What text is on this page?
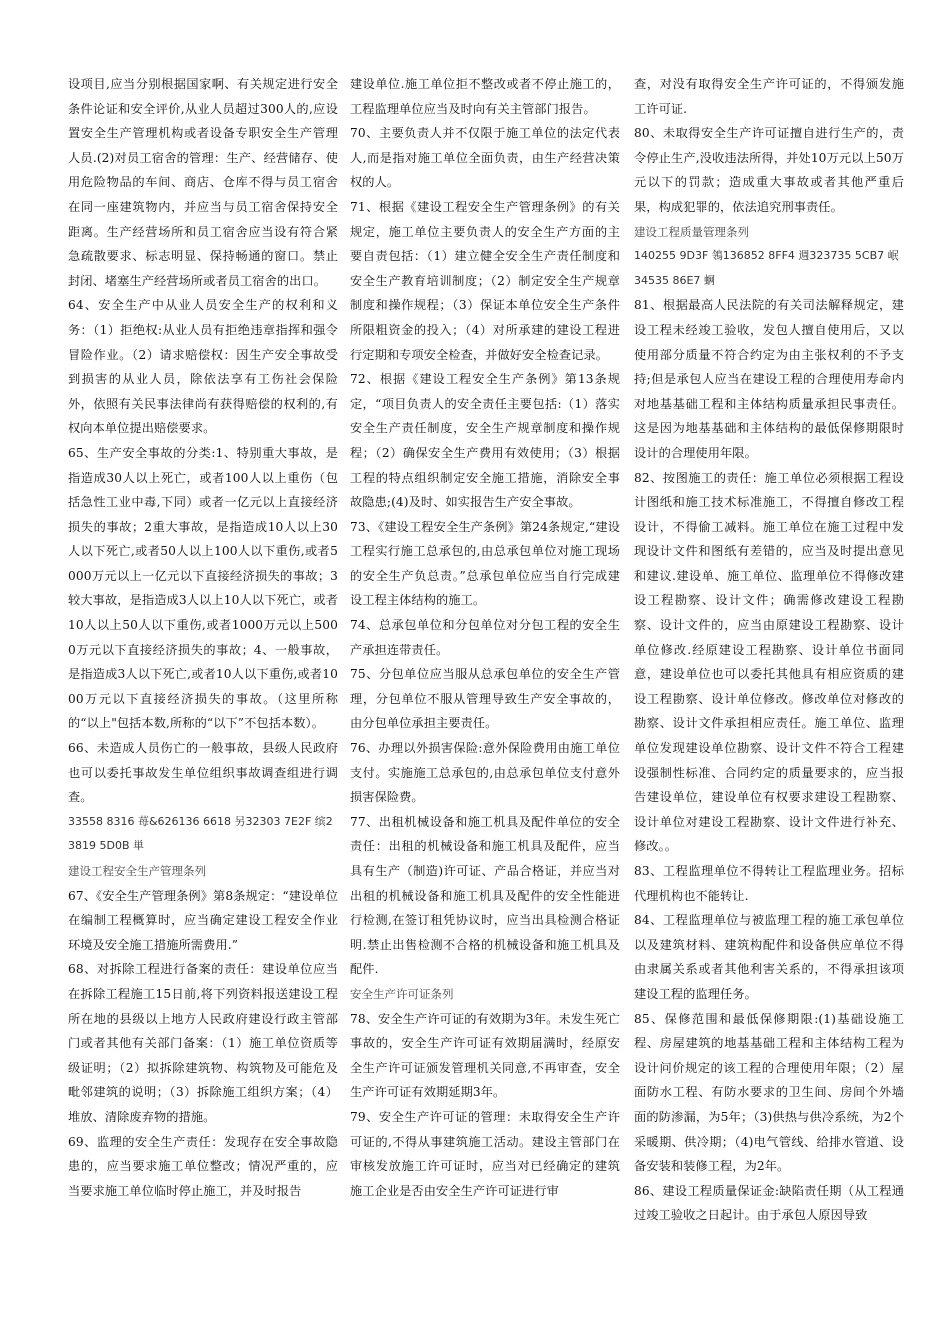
设项目,应当分别根据国家啊、有关规定进行安全条件论证和安全评价,从业人员超过300人的,应设置安全生产管理机构或者设备专职安全生产管理人员.(2)对员工宿舍的管理：生产、经营储存、使用危险物品的车间、商店、仓库不得与员工宿舍在同一座建筑物内，并应当与员工宿舍保持安全距离。生产经营场所和员工宿舍应当设有符合紧急疏散要求、标志明显、保持畅通的窗口。禁止封闭、堵塞生产经营场所或者员工宿舍的出口。

64、安全生产中从业人员安全生产的权利和义务：（1）拒绝权:从业人员有拒绝违章指挥和强令冒险作业。（2）请求赔偿权：因生产安全事故受到损害的从业人员，除依法享有工伤社会保险外，依照有关民事法律尚有获得赔偿的权利的,有权向本单位提出赔偿要求。

65、生产安全事故的分类:1、特别重大事故，是指造成30人以上死亡，或者100人以上重伤（包括急性工业中毒,下同）或者一亿元以上直接经济损失的事故；2重大事故，是指造成10人以上30人以下死亡,或者50人以上100人以下重伤,或者5000万元以上一亿元以下直接经济损失的事故；3较大事故，是指造成3人以上10人以下死亡，或者10人以上50人以下重伤,或者1000万元以上5000万元以下直接经济损失的事故；4、一般事故，是指造成3人以下死亡,或者10人以下重伤,或者1000万元以下直接经济损失的事故。（这里所称的“以上"包括本数,所称的“以下”不包括本数）。

66、未造成人员伤亡的一般事故，县级人民政府也可以委托事故发生单位组织事故调查组进行调查。

33558 8316 苺&626136 6618 另32303 7E2F 缤23819 5D0B 単

建设工程安全生产管理条列

67、《安全生产管理条例》第8条规定：“建设单位在编制工程概算时，应当确定建设工程安全作业环境及安全施工措施所需费用.”

68、对拆除工程进行备案的责任：建设单位应当在拆除工程施工15日前,将下列资料报送建设工程所在地的县级以上地方人民政府建设行政主管部门或者其他有关部门备案：（1）施工单位资质等级证明；（2）拟拆除建筑物、构筑物及可能危及毗邻建筑的说明；（3）拆除施工组织方案；（4）堆放、清除废弃物的措施。

69、监理的安全生产责任：发现存在安全事故隐患的，应当要求施工单位整改；情况严重的，应当要求施工单位临时停止施工，并及时报告

建设单位.施工单位拒不整改或者不停止施工的，工程监理单位应当及时向有关主管部门报告。

70、主要负责人并不仅限于施工单位的法定代表人,而是指对施工单位全面负责，由生产经营决策权的人。

71、根据《建设工程安全生产管理条例》的有关规定，施工单位主要负责人的安全生产方面的主要自责包括：（1）建立健全安全生产责任制度和安全生产教育培训制度；（2）制定安全生产规章制度和操作规程；（3）保证本单位安全生产条件所限粗资金的投入；（4）对所承建的建设工程进行定期和专项安全检查，并做好安全检查记录。

72、根据《建设工程安全生产条例》第13条规定，“项目负责人的安全责任主要包括:（1）落实安全生产责任制度，安全生产规章制度和操作规程；（2）确保安全生产费用有效使用；（3）根据工程的特点组织制定安全施工措施，消除安全事故隐患;(4)及时、如实报告生产安全事故。

73、《建设工程安全生产条例》第24条规定,“建设工程实行施工总承包的,由总承包单位对施工现场的安全生产负总责。”总承包单位应当自行完成建设工程主体结构的施工。

74、总承包单位和分包单位对分包工程的安全生产承担连带责任。

75、分包单位应当服从总承包单位的安全生产管理，分包单位不服从管理导致生产安全事故的，由分包单位承担主要责任。

76、办理以外损害保险:意外保险费用由施工单位支付。实施施工总承包的,由总承包单位支付意外损害保险费。

77、出租机械设备和施工机具及配件单位的安全责任：出租的机械设备和施工机具及配件，应当具有生产（制造)许可证、产品合格证，并应当对出租的机械设备和施工机具及配件的安全性能进行检测,在签订租凭协议时，应当出具检测合格证明.禁止出售检测不合格的机械设备和施工机具及配件.

安全生产许可证条列

78、安全生产许可证的有效期为3年。未发生死亡事故的，安全生产许可证有效期届满时，经原安全生产许可证颁发管理机关同意,不再审查，安全生产许可证有效期延期3年。

79、安全生产许可证的管理：未取得安全生产许可证的,不得从事建筑施工活动。建设主管部门在审核发放施工许可证时，应当对已经确定的建筑施工企业是否由安全生产许可证进行审

查，对没有取得安全生产许可证的，不得颁发施工许可证.

80、未取得安全生产许可证擅自进行生产的，责令停止生产,没收违法所得，并处10万元以上50万元以下的罚款；造成重大事故或者其他严重后果，构成犯罪的，依法追究刑事责任。

建设工程质量管理条列

140255 9D3F 鴒136852 8FF4 週323735 5CB7 岷34535 86E7 蛧

81、根据最高人民法院的有关司法解释规定，建设工程未经竣工验收，发包人擅自使用后，又以使用部分质量不符合约定为由主张权利的不予支持;但是承包人应当在建设工程的合理使用寿命内对地基基础工程和主体结构质量承担民事责任。这是因为地基基础和主体结构的最低保修期限时设计的合理使用年限。

82、按图施工的责任：施工单位必须根据工程设计图纸和施工技术标准施工，不得擅自修改工程设计，不得偷工减料。施工单位在施工过程中发现设计文件和图纸有差错的，应当及时提出意见和建议.建设单、施工单位、监理单位不得修改建设工程勘察、设计文件；确需修改建设工程勘察、设计文件的，应当由原建设工程勘察、设计单位修改.经原建设工程勘察、设计单位书面同意，建设单位也可以委托其他具有相应资质的建设工程勘察、设计单位修改。修改单位对修改的勘察、设计文件承担相应责任。施工单位、监理单位发现建设单位勘察、设计文件不符合工程建设强制性标准、合同约定的质量要求的，应当报告建设单位，建设单位有权要求建设工程勘察、设计单位对建设工程勘察、设计文件进行补充、修改。。

83、工程监理单位不得转让工程监理业务。招标代理机构也不能转让.

84、工程监理单位与被监理工程的施工承包单位以及建筑材料、建筑构配件和设备供应单位不得由隶属关系或者其他利害关系的，不得承担该项建设工程的监理任务。

85、保修范围和最低保修期限:(1)基础设施工程、房屋建筑的地基基础工程和主体结构工程为设计问价规定的该工程的合理使用年限；（2）屋面防水工程、有防水要求的卫生间、房间个外墙面的防渗漏，为5年；（3)供热与供冷系统，为2个采暖期、供冷期；（4)电气管线、给排水管道、设备安装和装修工程，为2年。

86、建设工程质量保证金:缺陷责任期（从工程通过竣工验收之日起计。由于承包人原因导致
